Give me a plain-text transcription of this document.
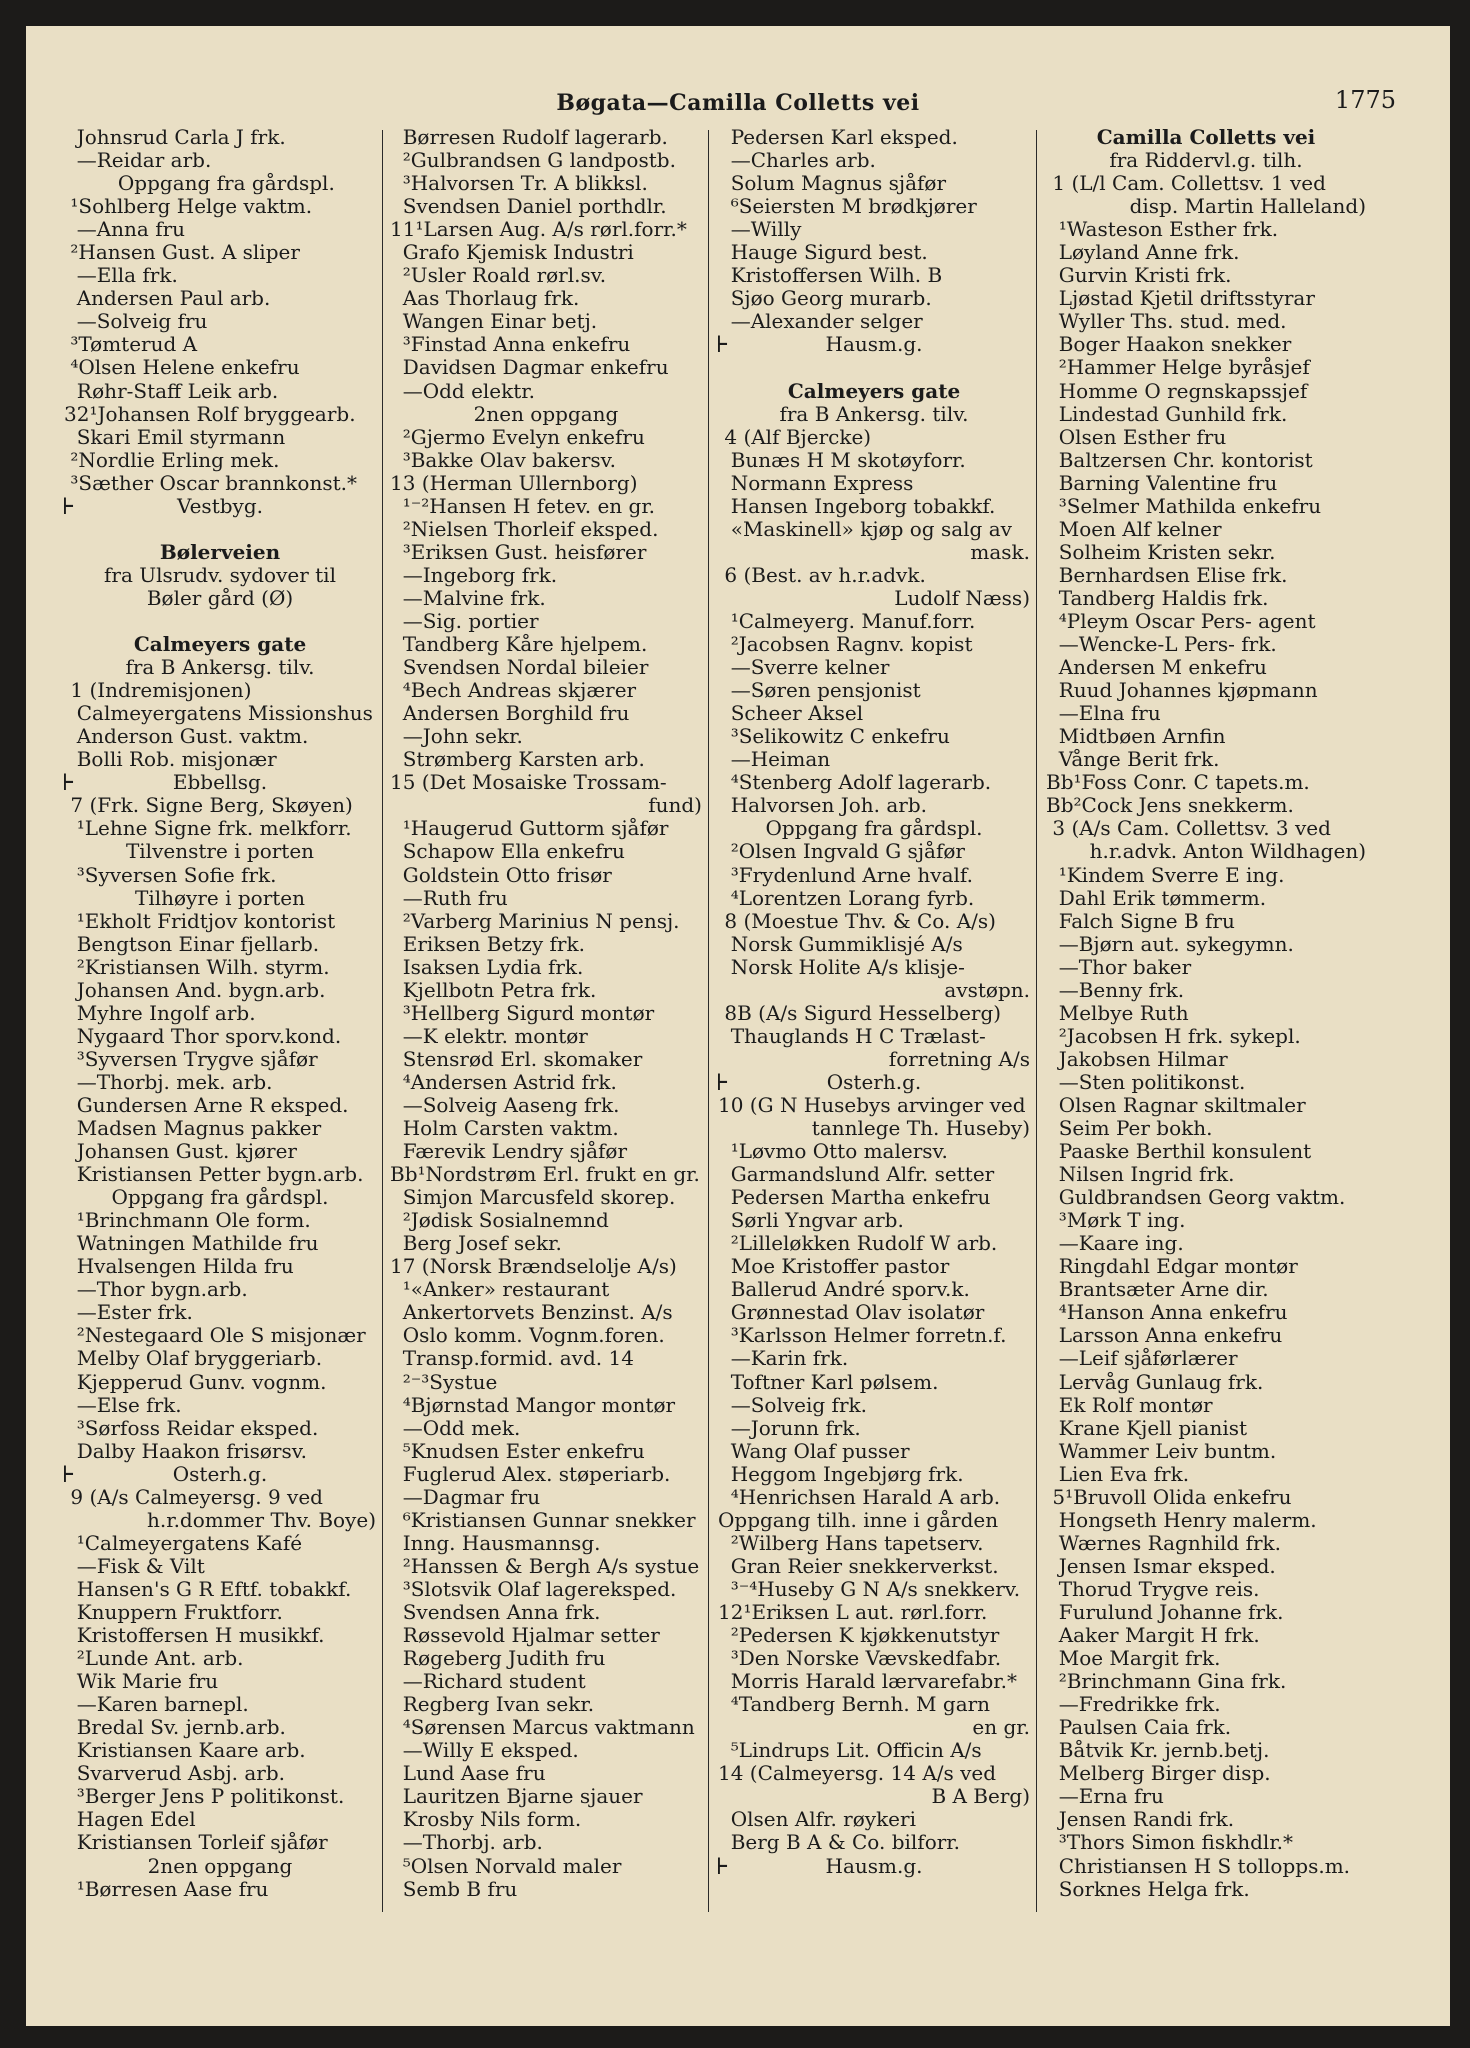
Bøgata—Camilla Colletts vei	1775
Johnsrud Carla J frk.
—Reidar arb.
Oppgang fra gårdspl.
¹Sohlberg Helge vaktm.
—Anna fru
²Hansen Gust. A sliper
—Ella frk.
Andersen Paul arb.
—Solveig fru
³Tømterud A
⁴Olsen Helene enkefru
Røhr-Staff Leik arb.
32¹Johansen Rolf bryggearb.
Skari Emil styrmann
²Nordlie Erling mek.
³Sæther Oscar brannkonst.*
+ Vestbyg.
Bølerveien
fra Ulsrudv. sydover til
Bøler gård (Ø)
Calmeyers gate
fra B Ankersg. tilv.
1 (Indremisjonen)
Calmeyergatens Missionshus
Anderson Gust. vaktm.
Bolli Rob. misjonær
+ Ebbellsg.
7 (Frk. Signe Berg, Skøyen)
¹Lehne Signe frk. melkforr.
Tilvenstre i porten
³Syversen Sofie frk.
Tilhøyre i porten
¹Ekholt Fridtjov kontorist
Bengtson Einar fjellarb.
²Kristiansen Wilh. styrm.
Johansen And. bygn.arb.
Myhre Ingolf arb.
Nygaard Thor sporv.kond.
³Syversen Trygve sjåfør
—Thorbj. mek. arb.
Gundersen Arne R eksped.
Madsen Magnus pakker
Johansen Gust. kjører
Kristiansen Petter bygn.arb.
Oppgang fra gårdspl.
¹Brinchmann Ole form.
Watningen Mathilde fru
Hvalsengen Hilda fru
—Thor bygn.arb.
—Ester frk.
²Nestegaard Ole S misjonær
Melby Olaf bryggeriarb.
Kjepperud Gunv. vognm.
—Else frk.
³Sørfoss Reidar eksped.
Dalby Haakon frisørsv.
+ Osterh.g.
9 (A/s Calmeyersg. 9 ved
h.r.dommer Thv. Boye)
¹Calmeyergatens Kafé
—Fisk & Vilt
Hansen's G R Eftf. tobakkf.
Knuppern Fruktforr.
Kristoffersen H musikkf.
²Lunde Ant. arb.
Wik Marie fru
—Karen barnepl.
Bredal Sv. jernb.arb.
Kristiansen Kaare arb.
Svarverud Asbj. arb.
³Berger Jens P politikonst.
Hagen Edel
Kristiansen Torleif sjåfør
2nen oppgang
¹Børresen Aase fru
Børresen Rudolf lagerarb.
²Gulbrandsen G landpostb.
³Halvorsen Tr. A blikksl.
Svendsen Daniel porthdlr.
11¹Larsen Aug. A/s rørl.forr.*
Grafo Kjemisk Industri
²Usler Roald rørl.sv.
Aas Thorlaug frk.
Wangen Einar betj.
³Finstad Anna enkefru
Davidsen Dagmar enkefru
—Odd elektr.
2nen oppgang
²Gjermo Evelyn enkefru
³Bakke Olav bakersv.
13 (Herman Ullernborg)
¹⁻²Hansen H fetev. en gr.
²Nielsen Thorleif eksped.
³Eriksen Gust. heisfører
—Ingeborg frk.
—Malvine frk.
—Sig. portier
Tandberg Kåre hjelpem.
Svendsen Nordal bileier
⁴Bech Andreas skjærer
Andersen Borghild fru
—John sekr.
Strømberg Karsten arb.
15 (Det Mosaiske Trossam-
fund)
¹Haugerud Guttorm sjåfør
Schapow Ella enkefru
Goldstein Otto frisør
—Ruth fru
²Varberg Marinius N pensj.
Eriksen Betzy frk.
Isaksen Lydia frk.
Kjellbotn Petra frk.
³Hellberg Sigurd montør
—K elektr. montør
Stensrød Erl. skomaker
⁴Andersen Astrid frk.
—Solveig Aaseng frk.
Holm Carsten vaktm.
Færevik Lendry sjåfør
Bb¹Nordstrøm Erl. frukt en gr.
Simjon Marcusfeld skorep.
²Jødisk Sosialnemnd
Berg Josef sekr.
17 (Norsk Brændselolje A/s)
¹«Anker» restaurant
Ankertorvets Benzinst. A/s
Oslo komm. Vognm.foren.
Transp.formid. avd. 14
²⁻³Systue
⁴Bjørnstad Mangor montør
—Odd mek.
⁵Knudsen Ester enkefru
Fuglerud Alex. støperiarb.
—Dagmar fru
⁶Kristiansen Gunnar snekker
Inng. Hausmannsg.
²Hanssen & Bergh A/s systue
³Slotsvik Olaf lagereksped.
Svendsen Anna frk.
Røssevold Hjalmar setter
Røgeberg Judith fru
—Richard student
Regberg Ivan sekr.
⁴Sørensen Marcus vaktmann
—Willy E eksped.
Lund Aase fru
Lauritzen Bjarne sjauer
Krosby Nils form.
—Thorbj. arb.
⁵Olsen Norvald maler
Semb B fru
Pedersen Karl eksped.
—Charles arb.
Solum Magnus sjåfør
⁶Seiersten M brødkjører
—Willy
Hauge Sigurd best.
Kristoffersen Wilh. B
Sjøo Georg murarb.
—Alexander selger
+ Hausm.g.
Calmeyers gate
fra B Ankersg. tilv.
4 (Alf Bjercke)
Bunæs H M skotøyforr.
Normann Express
Hansen Ingeborg tobakkf.
«Maskinell» kjøp og salg av
mask.
6 (Best. av h.r.advk.
Ludolf Næss)
¹Calmeyerg. Manuf.forr.
²Jacobsen Ragnv. kopist
—Sverre kelner
—Søren pensjonist
Scheer Aksel
³Selikowitz C enkefru
—Heiman
⁴Stenberg Adolf lagerarb.
Halvorsen Joh. arb.
Oppgang fra gårdspl.
²Olsen Ingvald G sjåfør
³Frydenlund Arne hvalf.
⁴Lorentzen Lorang fyrb.
8 (Moestue Thv. & Co. A/s)
Norsk Gummiklisjé A/s
Norsk Holite A/s klisje-
avstøpn.
8B (A/s Sigurd Hesselberg)
Thauglands H C Trælast-
forretning A/s
+ Osterh.g.
10 (G N Husebys arvinger ved
tannlege Th. Huseby)
¹Løvmo Otto malersv.
Garmandslund Alfr. setter
Pedersen Martha enkefru
Sørli Yngvar arb.
²Lilleløkken Rudolf W arb.
Moe Kristoffer pastor
Ballerud André sporv.k.
Grønnestad Olav isolatør
³Karlsson Helmer forretn.f.
—Karin frk.
Toftner Karl pølsem.
—Solveig frk.
—Jorunn frk.
Wang Olaf pusser
Heggom Ingebjørg frk.
⁴Henrichsen Harald A arb.
Oppgang tilh. inne i gården
²Wilberg Hans tapetserv.
Gran Reier snekkerverkst.
³⁻⁴Huseby G N A/s snekkerv.
12¹Eriksen L aut. rørl.forr.
²Pedersen K kjøkkenutstyr
³Den Norske Vævskedfabr.
Morris Harald lærvarefabr.*
⁴Tandberg Bernh. M garn
en gr.
⁵Lindrups Lit. Officin A/s
14 (Calmeyersg. 14 A/s ved
B A Berg)
Olsen Alfr. røykeri
Berg B A & Co. bilforr.
+ Hausm.g.
Camilla Colletts vei
fra Riddervl.g. tilh.
1 (L/l Cam. Collettsv. 1 ved
disp. Martin Halleland)
¹Wasteson Esther frk.
Løyland Anne frk.
Gurvin Kristi frk.
Ljøstad Kjetil driftsstyrar
Wyller Ths. stud. med.
Boger Haakon snekker
²Hammer Helge byråsjef
Homme O regnskapssjef
Lindestad Gunhild frk.
Olsen Esther fru
Baltzersen Chr. kontorist
Barning Valentine fru
³Selmer Mathilda enkefru
Moen Alf kelner
Solheim Kristen sekr.
Bernhardsen Elise frk.
Tandberg Haldis frk.
⁴Pleym Oscar Pers- agent
—Wencke-L Pers- frk.
Andersen M enkefru
Ruud Johannes kjøpmann
—Elna fru
Midtbøen Arnfin
Vånge Berit frk.
Bb¹Foss Conr. C tapets.m.
Bb²Cock Jens snekkerm.
3 (A/s Cam. Collettsv. 3 ved
h.r.advk. Anton Wildhagen)
¹Kindem Sverre E ing.
Dahl Erik tømmerm.
Falch Signe B fru
—Bjørn aut. sykegymn.
—Thor baker
—Benny frk.
Melbye Ruth
²Jacobsen H frk. sykepl.
Jakobsen Hilmar
—Sten politikonst.
Olsen Ragnar skiltmaler
Seim Per bokh.
Paaske Berthil konsulent
Nilsen Ingrid frk.
Guldbrandsen Georg vaktm.
³Mørk T ing.
—Kaare ing.
Ringdahl Edgar montør
Brantsæter Arne dir.
⁴Hanson Anna enkefru
Larsson Anna enkefru
—Leif sjåførlærer
Lervåg Gunlaug frk.
Ek Rolf montør
Krane Kjell pianist
Wammer Leiv buntm.
Lien Eva frk.
5¹Bruvoll Olida enkefru
Hongseth Henry malerm.
Wærnes Ragnhild frk.
Jensen Ismar eksped.
Thorud Trygve reis.
Furulund Johanne frk.
Aaker Margit H frk.
Moe Margit frk.
²Brinchmann Gina frk.
—Fredrikke frk.
Paulsen Caia frk.
Båtvik Kr. jernb.betj.
Melberg Birger disp.
—Erna fru
Jensen Randi frk.
³Thors Simon fiskhdlr.*
Christiansen H S tollopps.m.
Sorknes Helga frk.
